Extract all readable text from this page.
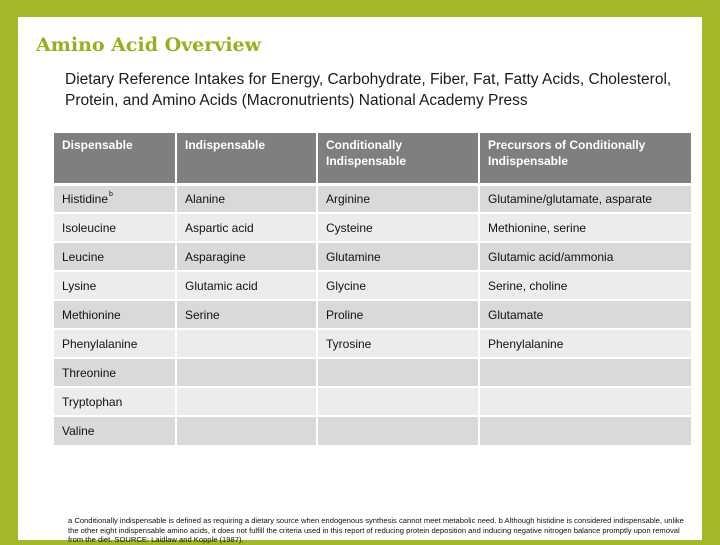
Amino Acid Overview
Dietary Reference Intakes for Energy, Carbohydrate, Fiber, Fat, Fatty Acids, Cholesterol, Protein, and Amino Acids (Macronutrients) National Academy Press
Dispensable	Indispensable	Conditionally Indispensable	Precursors of Conditionally Indispensable
Histidine$^b$	Alanine	Arginine	Glutamine/glutamate, asparate
Isoleucine	Aspartic acid	Cysteine	Methionine, serine
Leucine	Asparagine	Glutamine	Glutamic acid/ammonia
Lysine	Glutamic acid	Glycine	Serine, choline
Methionine	Serine	Proline	Glutamate
Phenylalanine		Tyrosine	Phenylalanine
Threonine			
Tryptophan			
Valine			
a Conditionally indispensable is defined as requiring a dietary source when endogenous synthesis cannot meet metabolic need. b Although histidine is considered indispensable, unlike the other eight indispensable amino acids, it does not fulfill the criteria used in this report of reducing protein deposition and inducing negative nitrogen balance promptly upon removal from the diet. SOURCE: Laidlaw and Kopple (1987).
